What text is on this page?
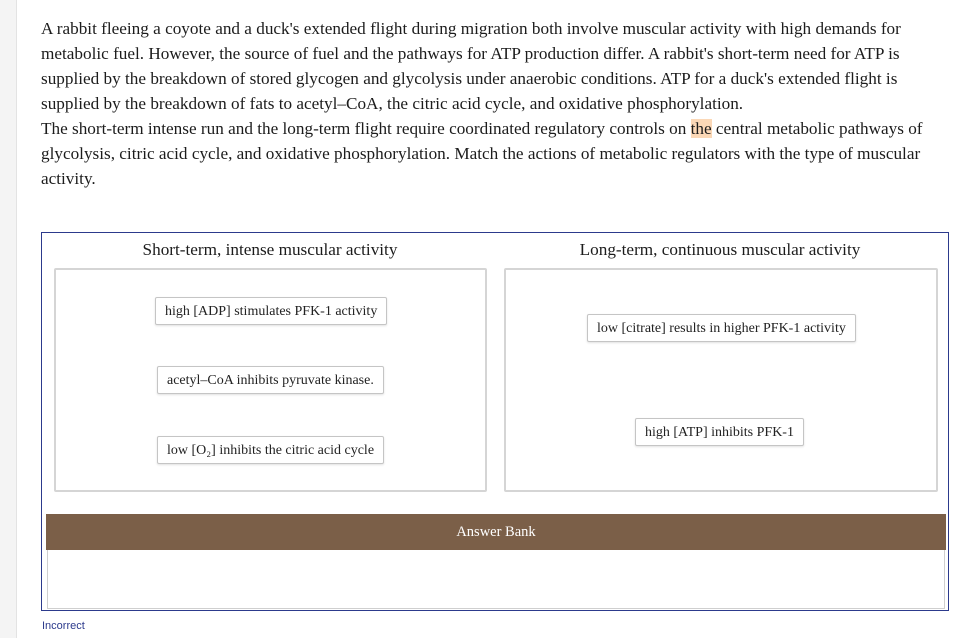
A rabbit fleeing a coyote and a duck's extended flight during migration both involve muscular activity with high demands for metabolic fuel. However, the source of fuel and the pathways for ATP production differ. A rabbit's short-term need for ATP is supplied by the breakdown of stored glycogen and glycolysis under anaerobic conditions. ATP for a duck's extended flight is supplied by the breakdown of fats to acetyl–CoA, the citric acid cycle, and oxidative phosphorylation.

The short-term intense run and the long-term flight require coordinated regulatory controls on the central metabolic pathways of glycolysis, citric acid cycle, and oxidative phosphorylation. Match the actions of metabolic regulators with the type of muscular activity.

Short-term, intense muscular activity	Long-term, continuous muscular activity
high [ADP] stimulates PFK-1 activity
acetyl–CoA inhibits pyruvate kinase.
low [O₂] inhibits the citric acid cycle
low [citrate] results in higher PFK-1 activity
high [ATP] inhibits PFK-1
Answer Bank
Incorrect
